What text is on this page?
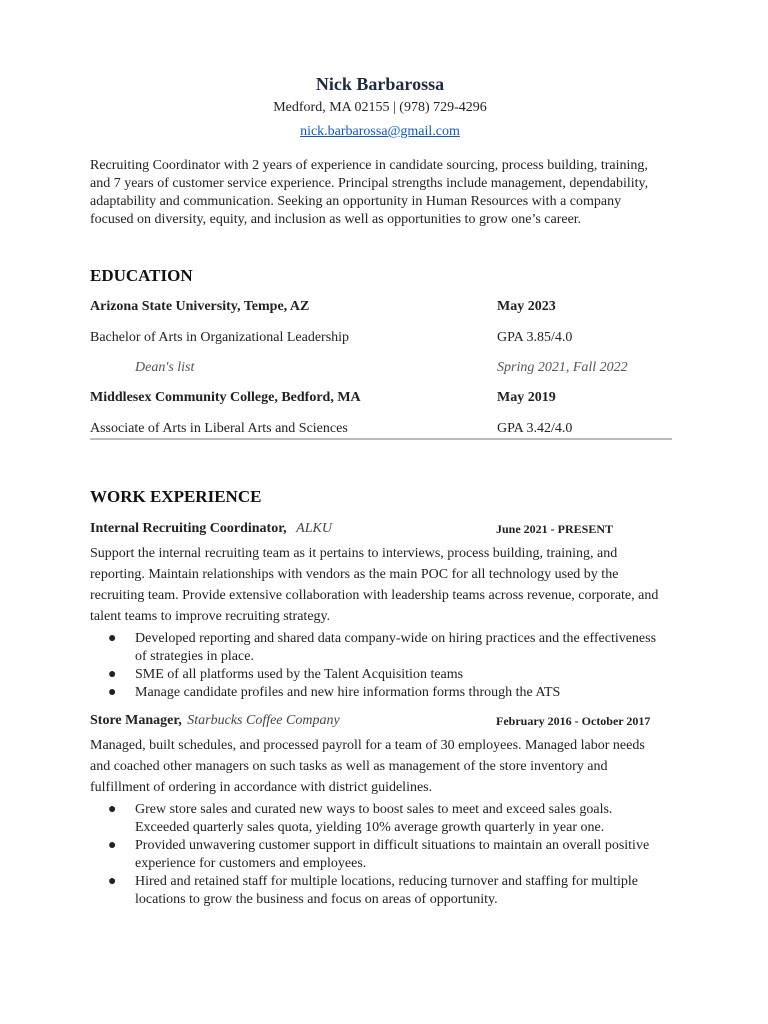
Nick Barbarossa
Medford, MA 02155 | (978) 729-4296
nick.barbarossa@gmail.com
Recruiting Coordinator with 2 years of experience in candidate sourcing, process building, training, and 7 years of customer service experience. Principal strengths include management, dependability, adaptability and communication. Seeking an opportunity in Human Resources with a company focused on diversity, equity, and inclusion as well as opportunities to grow one’s career.
EDUCATION
Arizona State University, Tempe, AZ	May 2023
Bachelor of Arts in Organizational Leadership	GPA 3.85/4.0
Dean's list	Spring 2021, Fall 2022
Middlesex Community College, Bedford, MA	May 2019
Associate of Arts in Liberal Arts and Sciences	GPA 3.42/4.0
WORK EXPERIENCE
Internal Recruiting Coordinator, ALKU	June 2021 - PRESENT
Support the internal recruiting team as it pertains to interviews, process building, training, and reporting. Maintain relationships with vendors as the main POC for all technology used by the recruiting team. Provide extensive collaboration with leadership teams across revenue, corporate, and talent teams to improve recruiting strategy.
● Developed reporting and shared data company-wide on hiring practices and the effectiveness of strategies in place.
● SME of all platforms used by the Talent Acquisition teams
● Manage candidate profiles and new hire information forms through the ATS
Store Manager, Starbucks Coffee Company	February 2016 - October 2017
Managed, built schedules, and processed payroll for a team of 30 employees. Managed labor needs and coached other managers on such tasks as well as management of the store inventory and fulfillment of ordering in accordance with district guidelines.
● Grew store sales and curated new ways to boost sales to meet and exceed sales goals. Exceeded quarterly sales quota, yielding 10% average growth quarterly in year one.
● Provided unwavering customer support in difficult situations to maintain an overall positive experience for customers and employees.
● Hired and retained staff for multiple locations, reducing turnover and staffing for multiple locations to grow the business and focus on areas of opportunity.
